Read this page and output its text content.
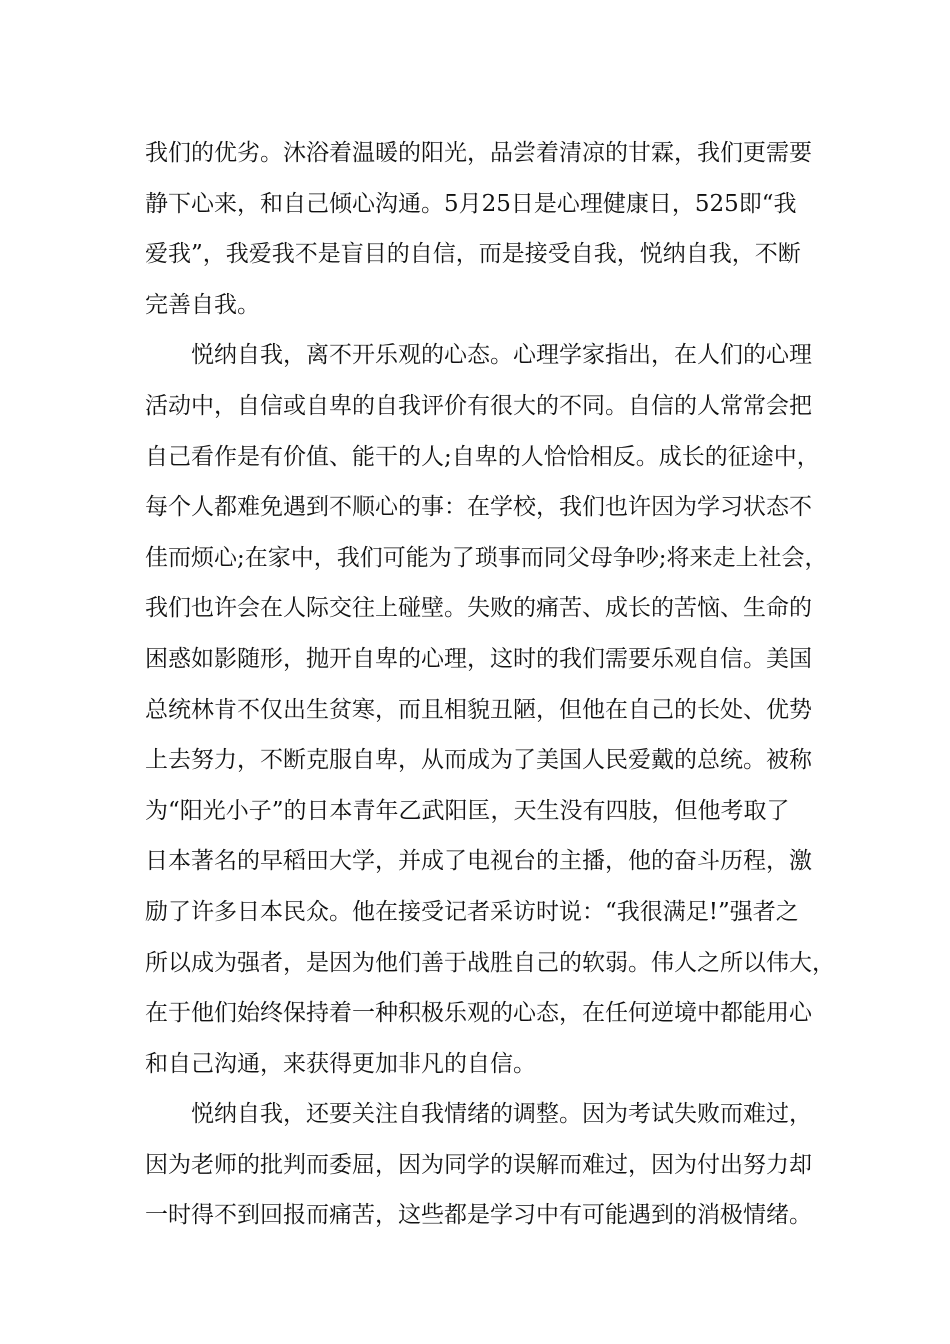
我们的优劣。沐浴着温暖的阳光，品尝着清凉的甘霖，我们更需要
静下心来，和自己倾心沟通。5月25日是心理健康日，525即“我
爱我”，我爱我不是盲目的自信，而是接受自我，悦纳自我，不断
完善自我。
悦纳自我，离不开乐观的心态。心理学家指出，在人们的心理
活动中，自信或自卑的自我评价有很大的不同。自信的人常常会把
自己看作是有价值、能干的人;自卑的人恰恰相反。成长的征途中，
每个人都难免遇到不顺心的事：在学校，我们也许因为学习状态不
佳而烦心;在家中，我们可能为了琐事而同父母争吵;将来走上社会，
我们也许会在人际交往上碰壁。失败的痛苦、成长的苦恼、生命的
困惑如影随形，抛开自卑的心理，这时的我们需要乐观自信。美国
总统林肯不仅出生贫寒，而且相貌丑陋，但他在自己的长处、优势
上去努力，不断克服自卑，从而成为了美国人民爱戴的总统。被称
为“阳光小子”的日本青年乙武阳匡，天生没有四肢，但他考取了
日本著名的早稻田大学，并成了电视台的主播，他的奋斗历程，激
励了许多日本民众。他在接受记者采访时说：“我很满足!”强者之
所以成为强者，是因为他们善于战胜自己的软弱。伟人之所以伟大，
在于他们始终保持着一种积极乐观的心态，在任何逆境中都能用心
和自己沟通，来获得更加非凡的自信。
悦纳自我，还要关注自我情绪的调整。因为考试失败而难过，
因为老师的批判而委屈，因为同学的误解而难过，因为付出努力却
一时得不到回报而痛苦，这些都是学习中有可能遇到的消极情绪。
